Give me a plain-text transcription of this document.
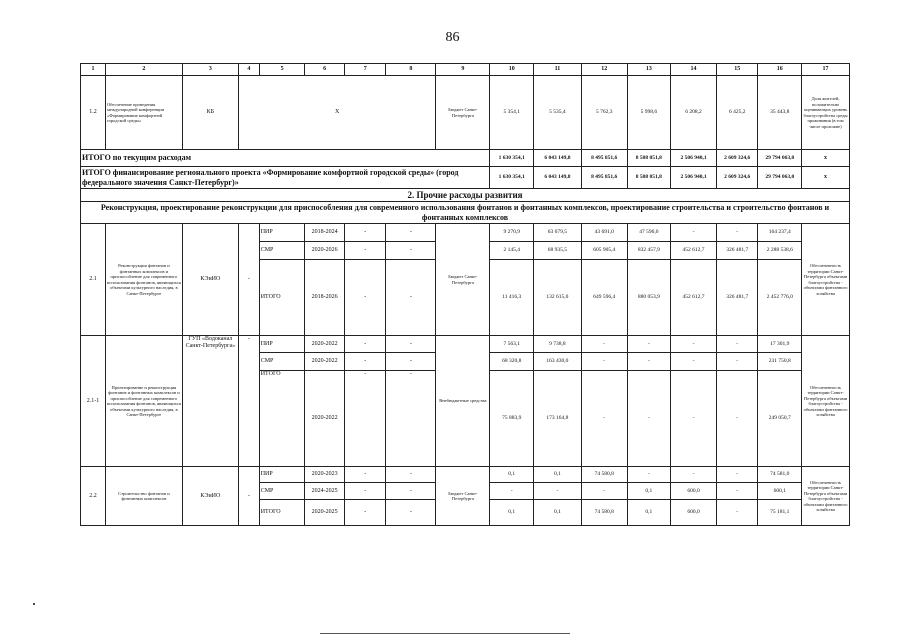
86
1	2	3	4	5	6	7	8	9	10	11	12	13	14	15	16	17
1.2	Обеспечение проведения международной конференции «Формирование комфортной городской среды»	КБ	Х					Бюджет Санкт-Петербурга	5 354,1	5 535,4	5 762,3	5 998,6	6 208,2	6 425,2	35 443,8	Доля жителей, положительно оценивающих уровень благоустройства среды проживания (в том числе прохожие)
ИТОГО по текущим расходам									1 630 354,1	6 043 149,8	8 495 851,6	8 508 051,8	2 506 940,1	2 609 324,6	29 794 063,0	х
ИТОГО финансирование регионального проекта «Формирование комфортной городской среды» (город федерального значения Санкт-Петербург)»									1 630 354,1	6 043 149,8	8 495 851,6	8 508 051,8	2 506 940,1	2 609 324,6	29 794 063,0	х
2. Прочие расходы развития																
Реконструкция, проектирование реконструкции для приспособления для современного использования фонтанов и фонтанных комплексов, проектирование строительства и строительство фонтанов и фонтанных комплексов																
2.1	Реконструкция фонтанов и фонтанных комплексов и приспособление для современного использования фонтанов, являющихся объектами культурного наследия, в Санкт-Петербурге	КЭиИО	-	ПИР	2018-2024	-	-	Бюджет Санкт-Петербурга	9 270,9	63 679,5	43 691,0	47 596,0	-	-	164 237,4	Обеспеченность территории Санкт-Петербурга объектами благоустройства - объектами фонтанного хозяйства
				СМР	2020-2026	-	-		2 145,4	68 935,5	605 905,4	832 457,9	452 612,7	326 481,7	2 288 538,6	
				ИТОГО	2018-2026	-	-		11 416,3	132 615,0	649 596,4	880 053,9	452 612,7	326 481,7	2 452 776,0	
2.1-1	Проектирование и реконструкция фонтанов и фонтанных комплексов и приспособление для современного использования фонтанов, являющихся объектами культурного наследия, в Санкт-Петербурге	ГУП «Водоканал Санкт-Петербурга»	-	ПИР	2020-2022	-	-	Внебюджетные средства	7 563,1	9 738,8	-	-	-	-	17 301,9	Обеспеченность территории Санкт-Петербурга объектами благоустройства - объектами фонтанного хозяйства
				СМР	2020-2022	-	-		68 320,8	163 430,0	-	-	-	-	231 750,8	
				ИТОГО	2020-2022	-	-		75 883,9	173 164,8	-	-	-	-	249 050,7	
2.2	Строительство фонтанов и фонтанных комплексов	КЭиИО	-	ПИР	2020-2023	-	-	Бюджет Санкт-Петербурга	0,1	0,1	74 580,8	-	-	-	74 581,0	Обеспеченность территории Санкт-Петербурга объектами благоустройства - объектами фонтанного хозяйства
				СМР	2024-2025	-	-		-	-	-	0,1	600,0	-	600,1	
				ИТОГО	2020-2025	-	-		0,1	0,1	74 580,8	0,1	600,0	-	75 181,1	
